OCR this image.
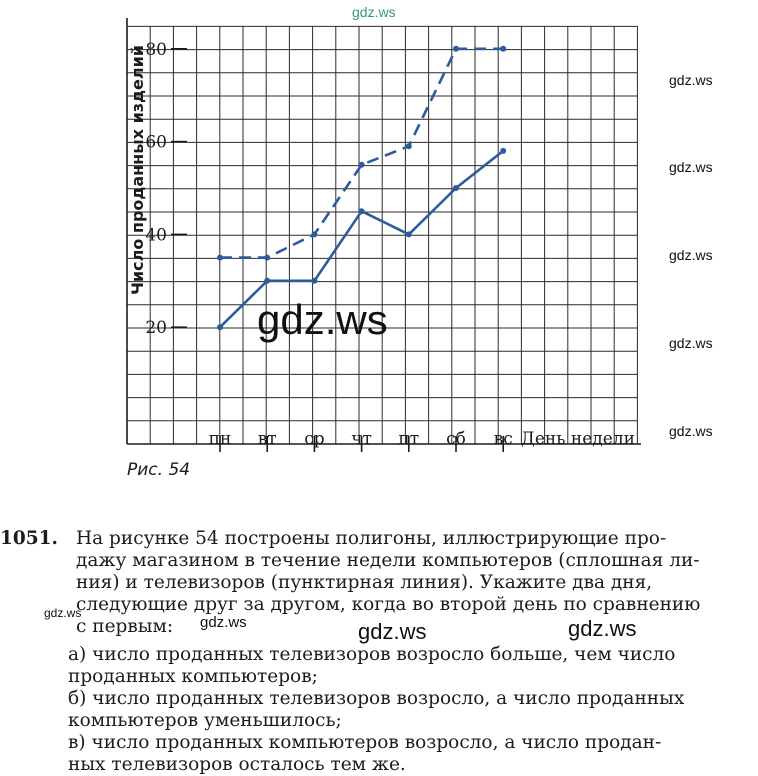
20
40
60
80
пн вт ср чт пт сб вс
Число проданных изделий
День недели
gdz.ws
gdz.ws
gdz.ws
gdz.ws
gdz.ws
gdz.ws
gdz.ws
Рис. 54
1051. На рисунке 54 построены полигоны, иллюстрирующие про-
дажу магазином в течение недели компьютеров (сплошная ли-
ния) и телевизоров (пунктирная линия). Укажите два дня,
следующие друг за другом, когда во второй день по сравнению
с первым:
а) число проданных телевизоров возросло больше, чем число
проданных компьютеров;
б) число проданных телевизоров возросло, а число проданных
компьютеров уменьшилось;
в) число проданных компьютеров возросло, а число продан-
ных телевизоров осталось тем же.
gdz.ws
gdz.ws	gdz.ws	gdz.ws
